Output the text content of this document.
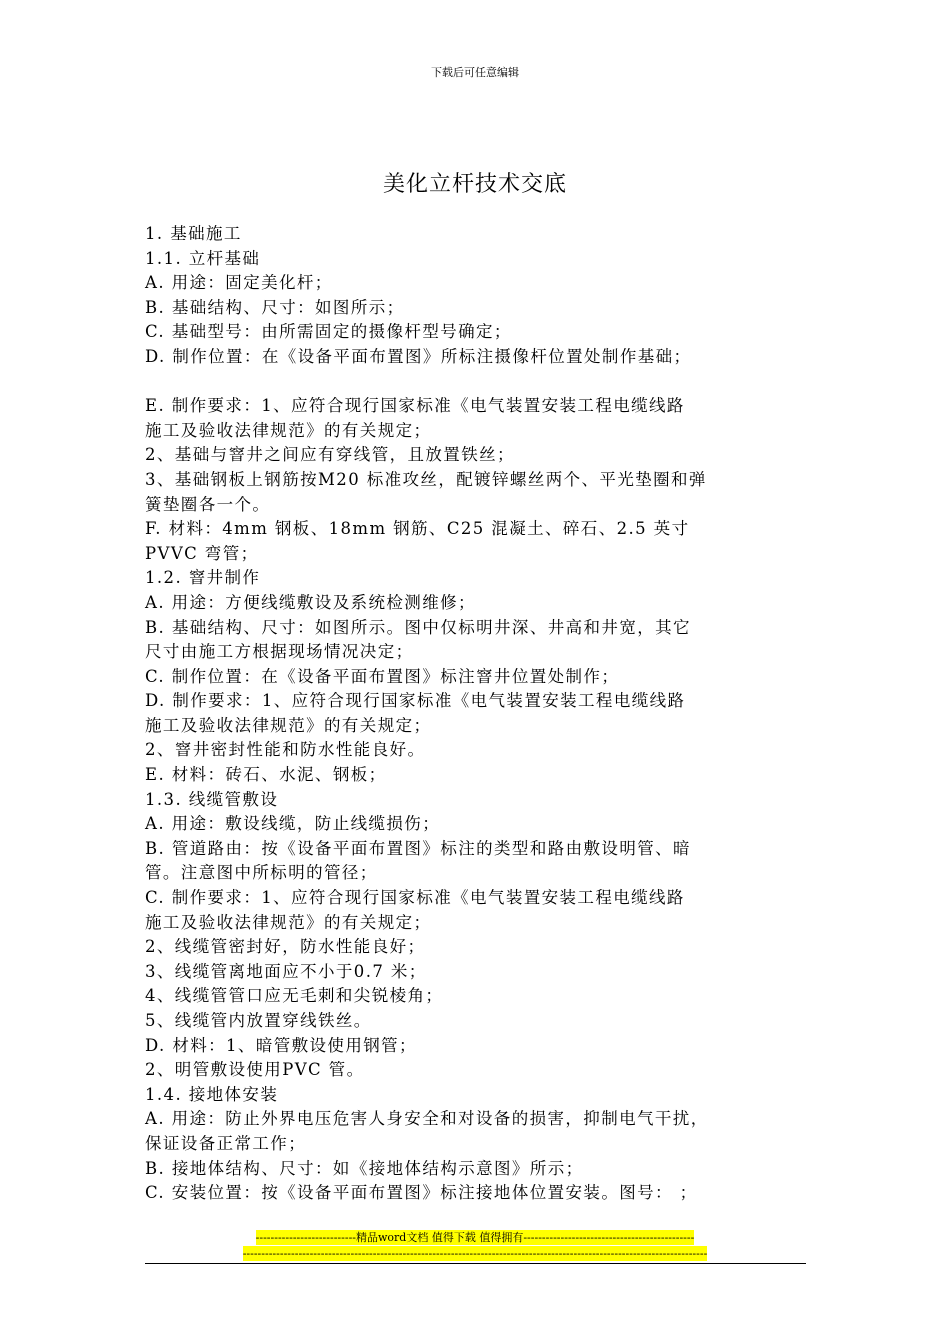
下载后可任意编辑
美化立杆技术交底
1. 基础施工
1.1. 立杆基础
A. 用途：固定美化杆；
B. 基础结构、尺寸：如图所示；
C. 基础型号：由所需固定的摄像杆型号确定；
D. 制作位置：在《设备平面布置图》所标注摄像杆位置处制作基础；
E. 制作要求：1、应符合现行国家标准《电气装置安装工程电缆线路
施工及验收法律规范》的有关规定；
2、基础与窨井之间应有穿线管，且放置铁丝；
3、基础钢板上钢筋按M20 标准攻丝，配镀锌螺丝两个、平光垫圈和弹
簧垫圈各一个。
F. 材料：4mm 钢板、18mm 钢筋、C25 混凝土、碎石、2.5 英寸
PVVC 弯管；
1.2. 窨井制作
A. 用途：方便线缆敷设及系统检测维修；
B. 基础结构、尺寸：如图所示。图中仅标明井深、井高和井宽，其它
尺寸由施工方根据现场情况决定；
C. 制作位置：在《设备平面布置图》标注窨井位置处制作；
D. 制作要求：1、应符合现行国家标准《电气装置安装工程电缆线路
施工及验收法律规范》的有关规定；
2、窨井密封性能和防水性能良好。
E. 材料：砖石、水泥、钢板；
1.3. 线缆管敷设
A. 用途：敷设线缆，防止线缆损伤；
B. 管道路由：按《设备平面布置图》标注的类型和路由敷设明管、暗
管。注意图中所标明的管径；
C. 制作要求：1、应符合现行国家标准《电气装置安装工程电缆线路
施工及验收法律规范》的有关规定；
2、线缆管密封好，防水性能良好；
3、线缆管离地面应不小于0.7 米；
4、线缆管管口应无毛刺和尖锐棱角；
5、线缆管内放置穿线铁丝。
D. 材料：1、暗管敷设使用钢管；
2、明管敷设使用PVC 管。
1.4. 接地体安装
A. 用途：防止外界电压危害人身安全和对设备的损害，抑制电气干扰，
保证设备正常工作；
B. 接地体结构、尺寸：如《接地体结构示意图》所示；
C. 安装位置：按《设备平面布置图》标注接地体位置安装。图号： ；
---------------------------精品word文档 值得下载 值得拥有----------------------------------------------
-----------------------------------------------------------------------------------------------------------------------------
